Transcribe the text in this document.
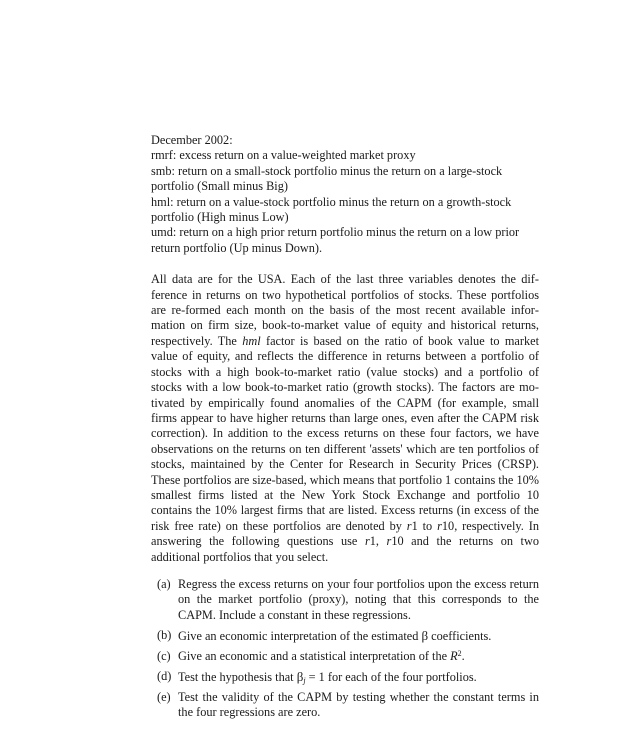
December 2002:
rmrf: excess return on a value-weighted market proxy
smb: return on a small-stock portfolio minus the return on a large-stock portfolio (Small minus Big)
hml: return on a value-stock portfolio minus the return on a growth-stock portfolio (High minus Low)
umd: return on a high prior return portfolio minus the return on a low prior return portfolio (Up minus Down).
All data are for the USA. Each of the last three variables denotes the difference in returns on two hypothetical portfolios of stocks. These portfolios are re-formed each month on the basis of the most recent available information on firm size, book-to-market value of equity and historical returns, respectively. The hml factor is based on the ratio of book value to market value of equity, and reflects the difference in returns between a portfolio of stocks with a high book-to-market ratio (value stocks) and a portfolio of stocks with a low book-to-market ratio (growth stocks). The factors are motivated by empirically found anomalies of the CAPM (for example, small firms appear to have higher returns than large ones, even after the CAPM risk correction). In addition to the excess returns on these four factors, we have observations on the returns on ten different 'assets' which are ten portfolios of stocks, maintained by the Center for Research in Security Prices (CRSP). These portfolios are size-based, which means that portfolio 1 contains the 10% smallest firms listed at the New York Stock Exchange and portfolio 10 contains the 10% largest firms that are listed. Excess returns (in excess of the risk free rate) on these portfolios are denoted by r1 to r10, respectively. In answering the following questions use r1, r10 and the returns on two additional portfolios that you select.
(a) Regress the excess returns on your four portfolios upon the excess return on the market portfolio (proxy), noting that this corresponds to the CAPM. Include a constant in these regressions.
(b) Give an economic interpretation of the estimated β coefficients.
(c) Give an economic and a statistical interpretation of the $R^2$.
(d) Test the hypothesis that $\beta_j = 1$ for each of the four portfolios.
(e) Test the validity of the CAPM by testing whether the constant terms in the four regressions are zero.
